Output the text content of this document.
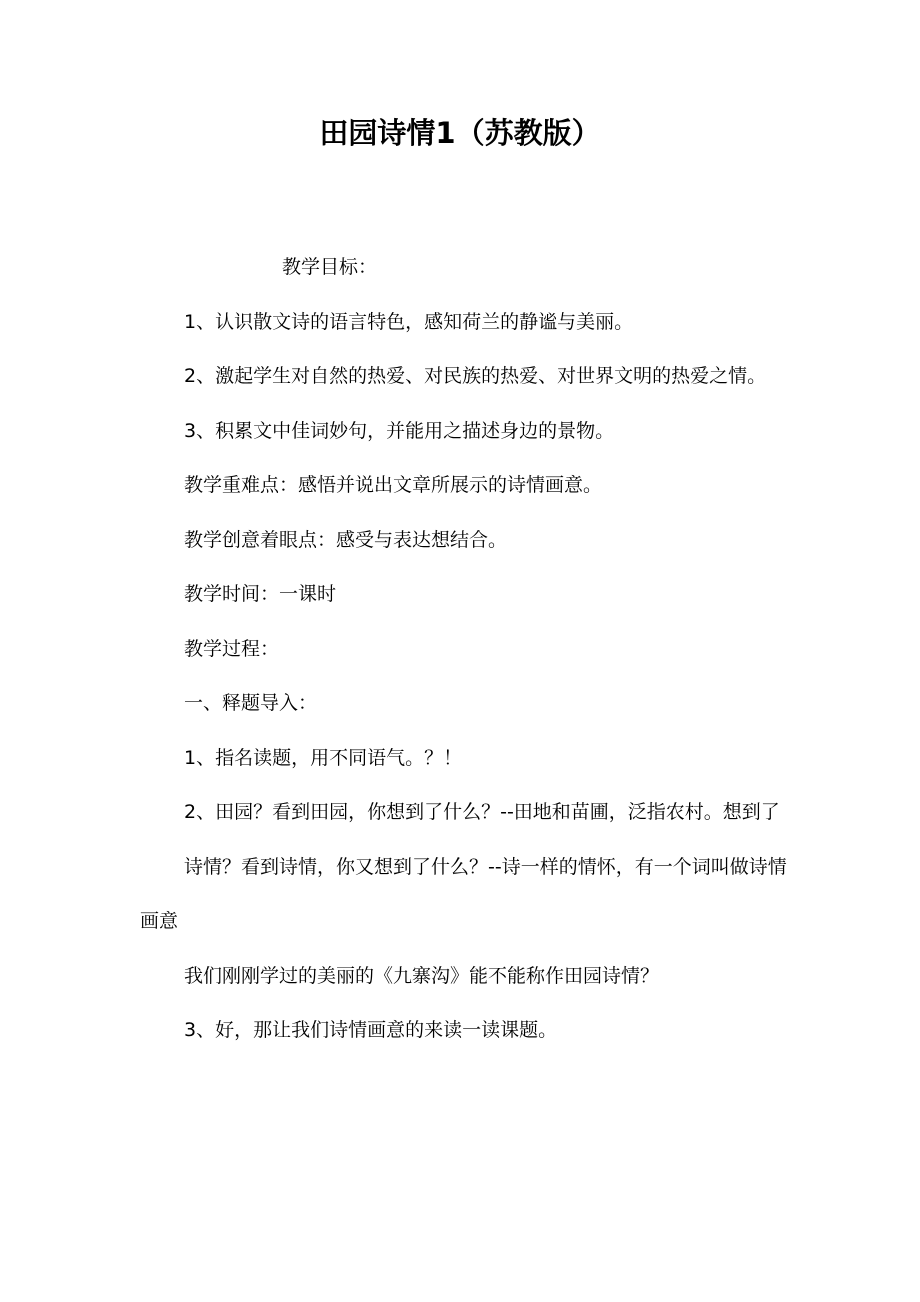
田园诗情1（苏教版）

教学目标：

1、认识散文诗的语言特色，感知荷兰的静谧与美丽。

2、激起学生对自然的热爱、对民族的热爱、对世界文明的热爱之情。

3、积累文中佳词妙句，并能用之描述身边的景物。

教学重难点：感悟并说出文章所展示的诗情画意。

教学创意着眼点：感受与表达想结合。

教学时间：一课时

教学过程：

一、释题导入：

1、指名读题，用不同语气。？！

2、田园？看到田园，你想到了什么？--田地和苗圃，泛指农村。想到了

诗情？看到诗情，你又想到了什么？--诗一样的情怀，有一个词叫做诗情画意

我们刚刚学过的美丽的《九寨沟》能不能称作田园诗情？

3、好，那让我们诗情画意的来读一读课题。
